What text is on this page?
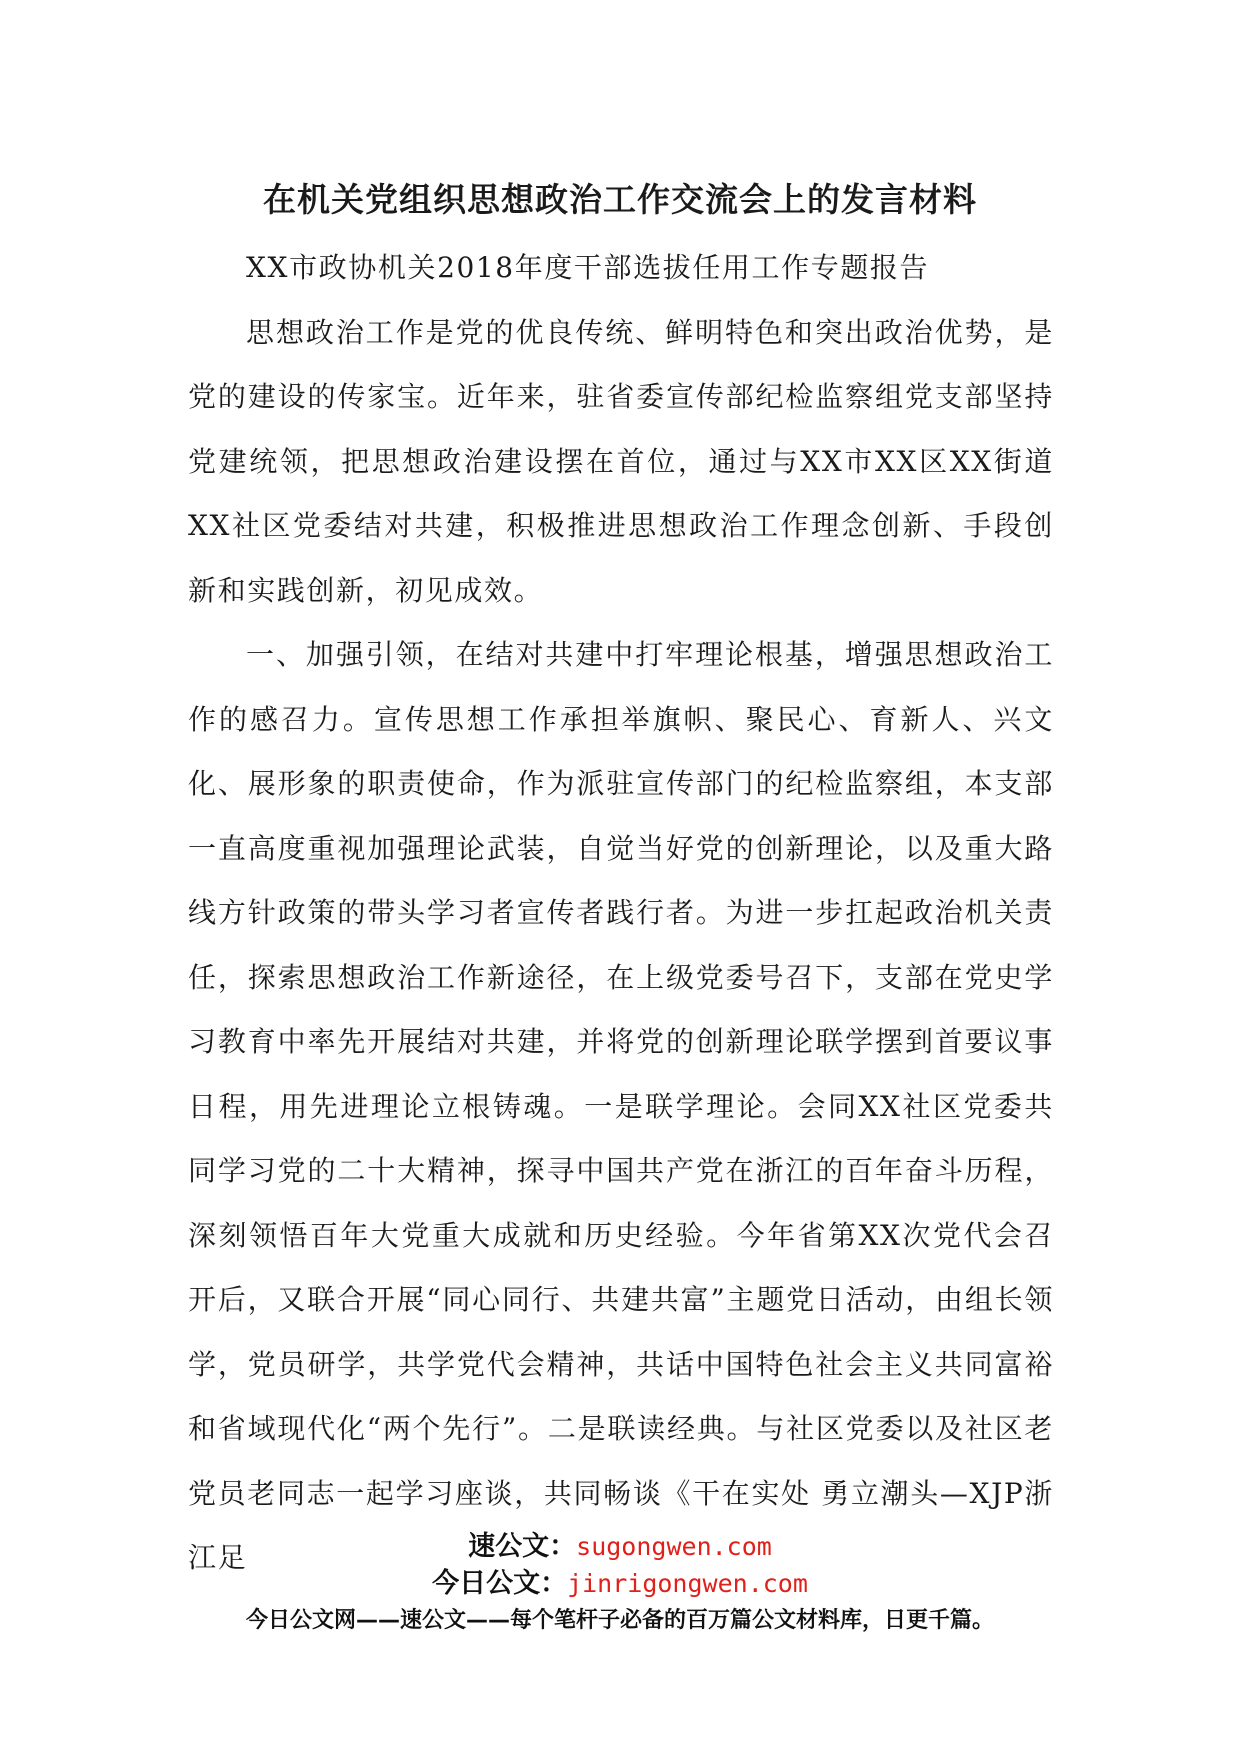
在机关党组织思想政治工作交流会上的发言材料

XX市政协机关2018年度干部选拔任用工作专题报告

思想政治工作是党的优良传统、鲜明特色和突出政治优势，是党的建设的传家宝。近年来，驻省委宣传部纪检监察组党支部坚持党建统领，把思想政治建设摆在首位，通过与XX市XX区XX街道XX社区党委结对共建，积极推进思想政治工作理念创新、手段创新和实践创新，初见成效。

一、加强引领，在结对共建中打牢理论根基，增强思想政治工作的感召力。宣传思想工作承担举旗帜、聚民心、育新人、兴文化、展形象的职责使命，作为派驻宣传部门的纪检监察组，本支部一直高度重视加强理论武装，自觉当好党的创新理论，以及重大路线方针政策的带头学习者宣传者践行者。为进一步扛起政治机关责任，探索思想政治工作新途径，在上级党委号召下，支部在党史学习教育中率先开展结对共建，并将党的创新理论联学摆到首要议事日程，用先进理论立根铸魂。一是联学理论。会同XX社区党委共同学习党的二十大精神，探寻中国共产党在浙江的百年奋斗历程，深刻领悟百年大党重大成就和历史经验。今年省第XX次党代会召开后，又联合开展“同心同行、共建共富”主题党日活动，由组长领学，党员研学，共学党代会精神，共话中国特色社会主义共同富裕和省域现代化“两个先行”。二是联读经典。与社区党委以及社区老党员老同志一起学习座谈，共同畅谈《干在实处 勇立潮头—XJP浙江足	速公文：sugongwen.com
今日公文：jinrigongwen.com
今日公文网——速公文——每个笔杆子必备的百万篇公文材料库，日更千篇。
